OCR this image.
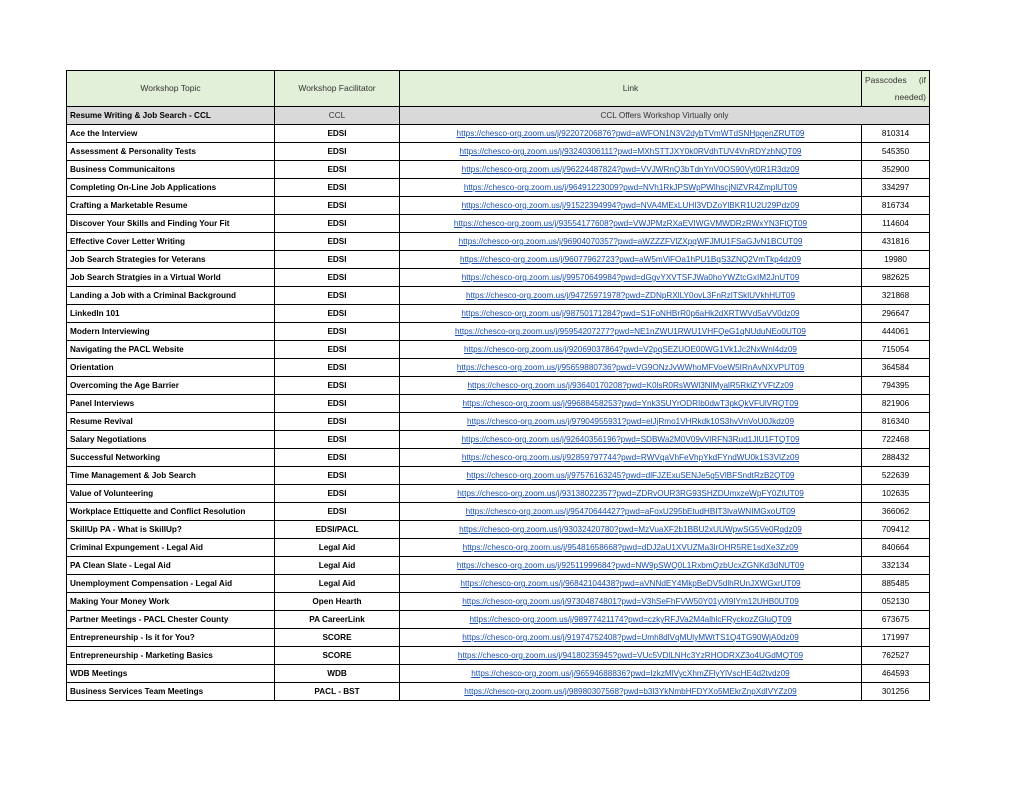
Workshop Topic	Workshop Facilitator	Link	Passcodes (if
needed)

Resume Writing & Job Search - CCL	CCL	CCL Offers Workshop Virtually only	
Ace the Interview	EDSI	https://chesco-org.zoom.us/j/92207206876?pwd=aWFON1N3V2dybTVmWTdSNHpqenZRUT09	810314
Assessment & Personality Tests	EDSI	https://chesco-org.zoom.us/j/93240306111?pwd=MXhSTTJXY0k0RVdhTUV4VnRDYzhNQT09	545350
Business Communicaitons	EDSI	https://chesco-org.zoom.us/j/96224487824?pwd=VVJWRnQ3bTdnYnV0OS90Vyt0R1R3dz09	352900
Completing On-Line Job Applications	EDSI	https://chesco-org.zoom.us/j/96491223009?pwd=NVh1RkJPSWpPWlhscjNlZVR4ZmplUT09	334297
Crafting a Marketable Resume	EDSI	https://chesco-org.zoom.us/j/91522394994?pwd=NVA4MExLUHI3VDZoYlBKR1U2U29Pdz09	816734
Discover Your Skills and Finding Your Fit	EDSI	https://chesco-org.zoom.us/j/93554177608?pwd=VWJPMzRXaEVIWGVMWDRzRWxYN3FtQT09	114604
Effective Cover Letter Writing	EDSI	https://chesco-org.zoom.us/j/96904070357?pwd=aWZZZFVlZXpqWFJMU1FSaGJvN1BCUT09	431816
Job Search Strategies for Veterans	EDSI	https://chesco-org.zoom.us/j/96077962723?pwd=aW5mVlFOa1hPU1BqS3ZNQ2VmTkp4dz09	19980
Job Search Stratgies in a Virtual World	EDSI	https://chesco-org.zoom.us/j/99570649984?pwd=dGgvYXVTSFJWa0hoYWZtcGxIM2JnUT09	982625
Landing a Job with a Criminal Background	EDSI	https://chesco-org.zoom.us/j/94725971978?pwd=ZDNpRXlLY0ovL3FnRzlTSklUVkhHUT09	321868
LinkedIn 101	EDSI	https://chesco-org.zoom.us/j/98750171284?pwd=S1FoNHBrR0p6aHk2dXRTWVd5aVV0dz09	296647
Modern Interviewing	EDSI	https://chesco-org.zoom.us/j/95954207277?pwd=NE1nZWU1RWU1VHFQeG1qNUduNEo0UT09	444061
Navigating the PACL Website	EDSI	https://chesco-org.zoom.us/j/92069037864?pwd=V2pqSEZUOE00WG1Vk1Jc2NxWnl4dz09	715054
Orientation	EDSI	https://chesco-org.zoom.us/j/95659880736?pwd=VG9ONzJvWWhoMFVoeW5IRnAvNXVPUT09	364584
Overcoming the Age Barrier	EDSI	https://chesco-org.zoom.us/j/93640170208?pwd=K0lsR0RsWWl3NlMyalR5RklZYVFtZz09	794395
Panel Interviews	EDSI	https://chesco-org.zoom.us/j/99688458253?pwd=Ynk3SUYrODRIb0dwT3pkQkVFUlVRQT09	821906
Resume Revival	EDSI	https://chesco-org.zoom.us/j/97904955931?pwd=elJjRmo1VHRkdk10S3hvVnVoU0Jkdz09	816340
Salary Negotiations	EDSI	https://chesco-org.zoom.us/j/92640356196?pwd=SDBWa2M0V09vVlRFN3Rud1JIU1FTQT09	722468
Successful Networking	EDSI	https://chesco-org.zoom.us/j/92859797744?pwd=RWVqaVhFeVhpYkdFYndWU0k1S3VlZz09	288432
Time Management & Job Search	EDSI	https://chesco-org.zoom.us/j/97576163245?pwd=dlFJZExuSENJe5g5VlBFSndtRzB2QT09	522639
Value of Volunteering	EDSI	https://chesco-org.zoom.us/j/93138022357?pwd=ZDRvOUR3RG93SHZDUmxzeWpFY0ZtUT09	102635
Workplace Ettiquette and Conflict Resolution	EDSI	https://chesco-org.zoom.us/j/95470644427?pwd=aFoxU295bEtudHBIT3lvaWNIMGxoUT09	366062
SkillUp PA - What is SkillUp?	EDSI/PACL	https://chesco-org.zoom.us/j/93032420780?pwd=MzVuaXF2b1BBU2xUUWpwSG5Ve0Rqdz09	709412
Criminal Expungement - Legal Aid	Legal Aid	https://chesco-org.zoom.us/j/95481658668?pwd=dDJ2aU1XVUZMa3lrOHR5RE1sdXe3Zz09	840664
PA Clean Slate - Legal Aid	Legal Aid	https://chesco-org.zoom.us/j/92511999684?pwd=NW9pSWQ0L1RxbmQzbUcxZGNKd3dNUT09	332134
Unemployment Compensation - Legal Aid	Legal Aid	https://chesco-org.zoom.us/j/96842104438?pwd=aVNNdEY4MkpBeDV5dlhRUnJXWGxrUT09	885485
Making Your Money Work	Open Hearth	https://chesco-org.zoom.us/j/97304874801?pwd=V3hSeFhFVW50Y01yVl9IYm12UHB0UT09	052130
Partner Meetings - PACL Chester County	PA CareerLink	https://chesco-org.zoom.us/j/98977421174?pwd=czkyRFJVa2M4alhlcFRyckozZGluQT09	673675
Entrepreneurship - Is it for You?	SCORE	https://chesco-org.zoom.us/j/91974752408?pwd=Umh8dlVqMUlyMWtTS1Q4TG90WjA0dz09	171997
Entrepreneurship - Marketing Basics	SCORE	https://chesco-org.zoom.us/j/94180235945?pwd=VUc5VDlLNHc3YzRHODRXZ3o4UGdMQT09	762527
WDB Meetings	WDB	https://chesco-org.zoom.us/j/96594688836?pwd=IzkzMlVycXhmZFlyYlVscHE4d2tvdz09	464593
Business Services Team Meetings	PACL - BST	https://chesco-org.zoom.us/j/98980307568?pwd=b3l3YkNmbHFDYXo5MEkrZnpXdlVYZz09	301256
